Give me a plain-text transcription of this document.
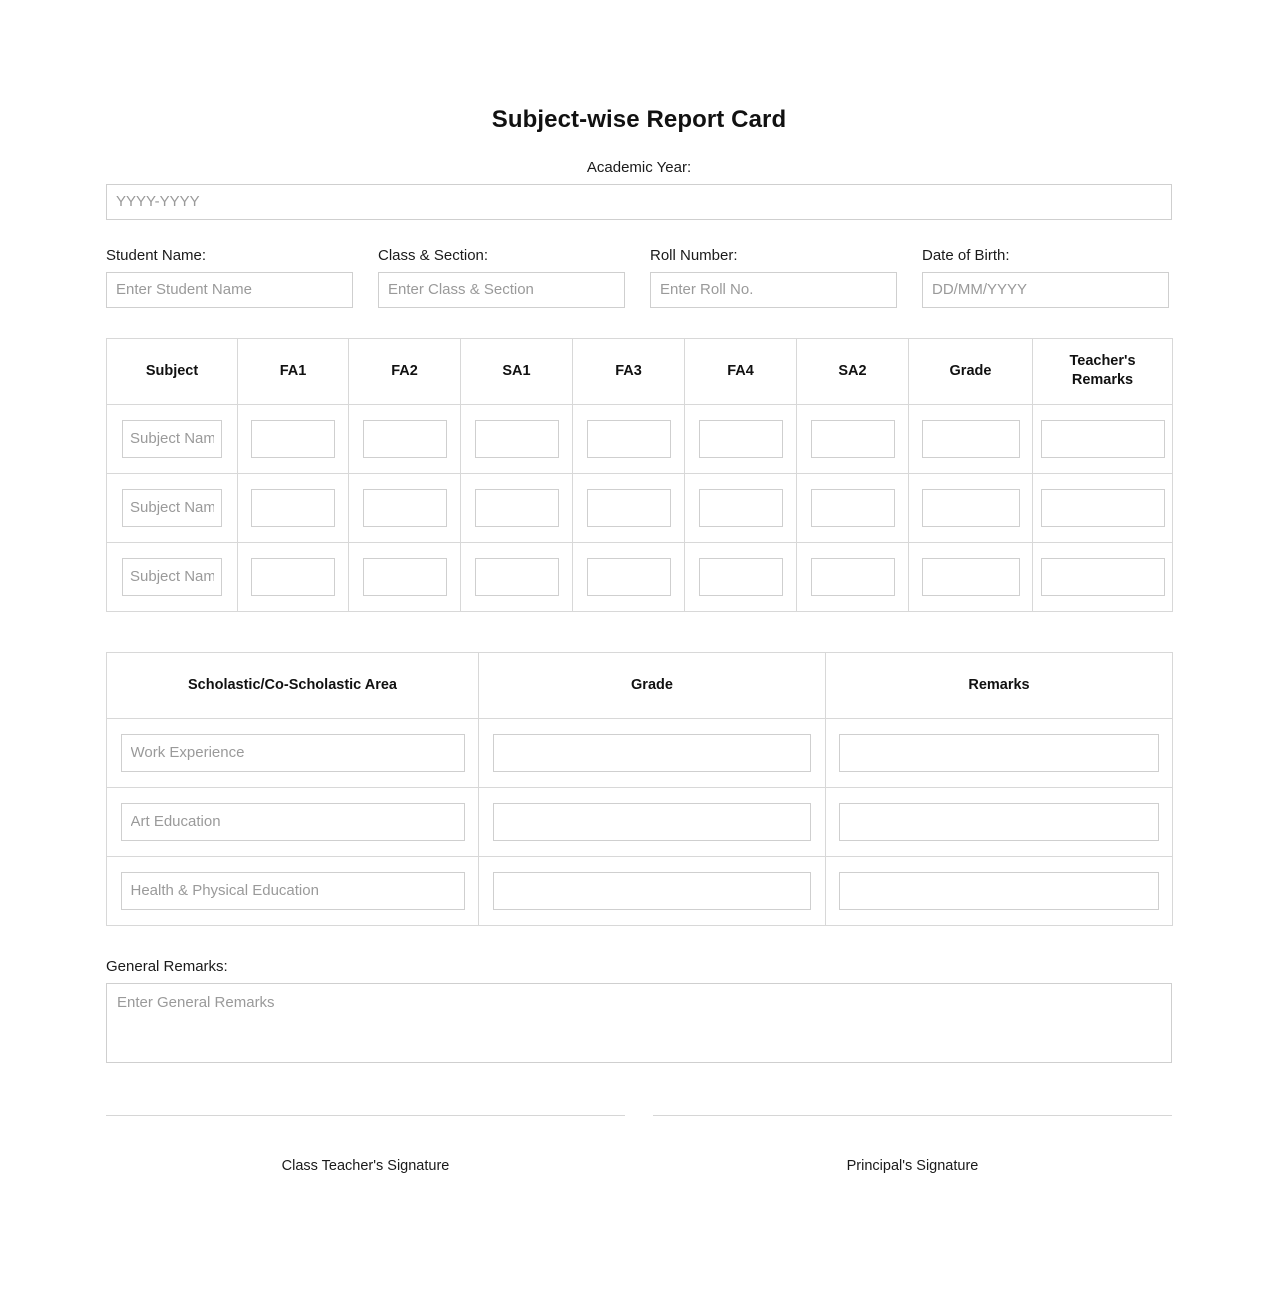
Subject-wise Report Card
Academic Year:
YYYY-YYYY
Student Name:
Enter Student Name	Class & Section:
Enter Class & Section	Roll Number:
Enter Roll No.	Date of Birth:
DD/MM/YYYY
Subject	FA1	FA2	SA1	FA3	FA4	SA2	Grade	Teacher's Remarks

Subject Name	

Subject Name	

Subject Name	

Scholastic/Co-Scholastic Area	Grade	Remarks

Work Experience	

Art Education	

Health & Physical Education	

General Remarks:
Enter General Remarks
Class Teacher's Signature	Principal's Signature
